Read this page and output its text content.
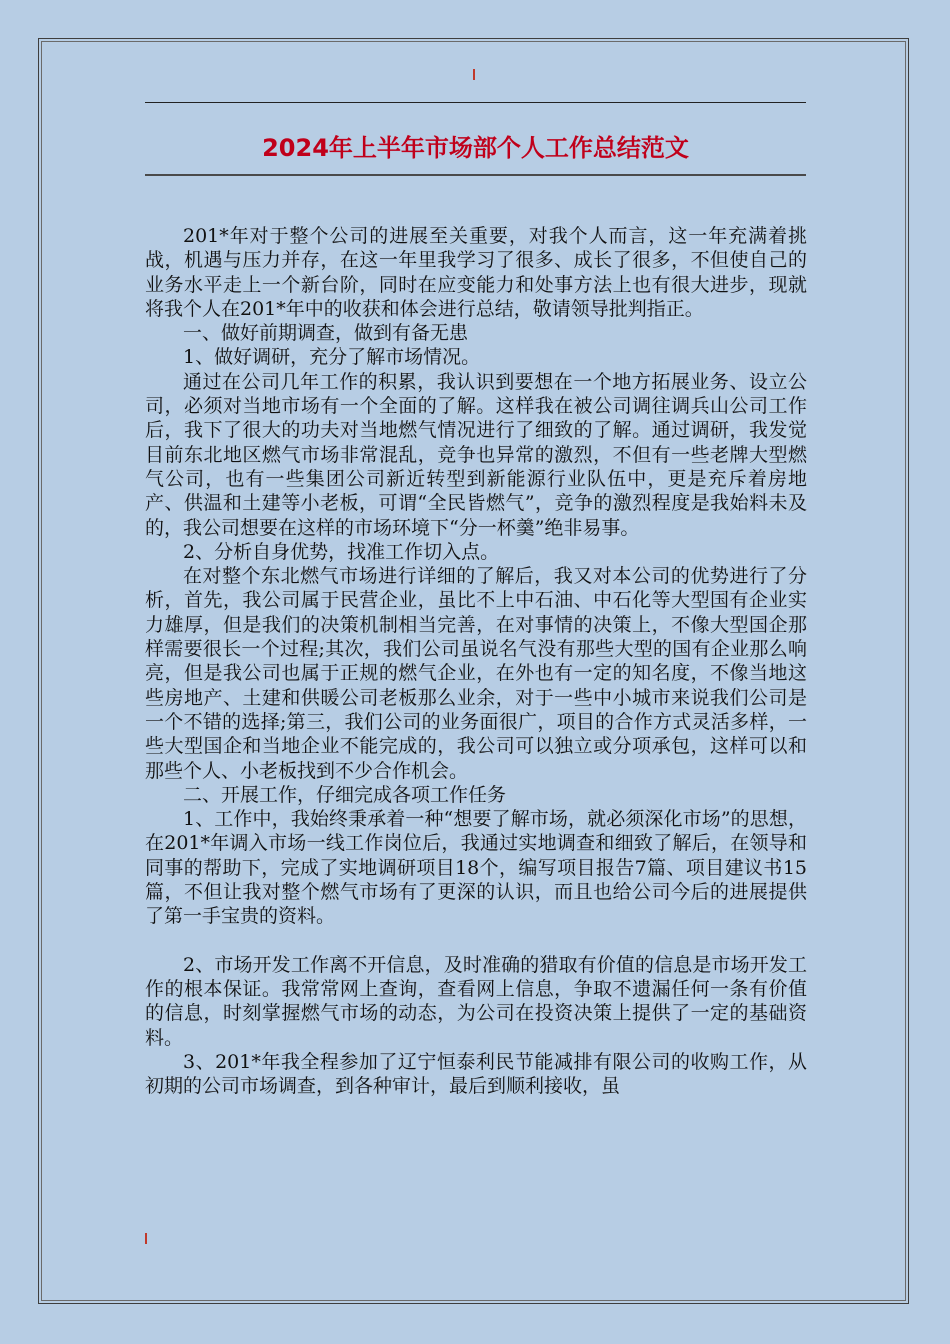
2024年上半年市场部个人工作总结范文

201*年对于整个公司的进展至关重要，对我个人而言，这一年充满着挑战，机遇与压力并存，在这一年里我学习了很多、成长了很多，不但使自己的业务水平走上一个新台阶，同时在应变能力和处事方法上也有很大进步，现就将我个人在201*年中的收获和体会进行总结，敬请领导批判指正。

一、做好前期调查，做到有备无患

1、做好调研，充分了解市场情况。

通过在公司几年工作的积累，我认识到要想在一个地方拓展业务、设立公司，必须对当地市场有一个全面的了解。这样我在被公司调往调兵山公司工作后，我下了很大的功夫对当地燃气情况进行了细致的了解。通过调研，我发觉目前东北地区燃气市场非常混乱，竞争也异常的激烈，不但有一些老牌大型燃气公司，也有一些集团公司新近转型到新能源行业队伍中，更是充斥着房地产、供温和土建等小老板，可谓“全民皆燃气”，竞争的激烈程度是我始料未及的，我公司想要在这样的市场环境下“分一杯羹”绝非易事。

2、分析自身优势，找准工作切入点。

在对整个东北燃气市场进行详细的了解后，我又对本公司的优势进行了分析，首先，我公司属于民营企业，虽比不上中石油、中石化等大型国有企业实力雄厚，但是我们的决策机制相当完善，在对事情的决策上，不像大型国企那样需要很长一个过程;其次，我们公司虽说名气没有那些大型的国有企业那么响亮，但是我公司也属于正规的燃气企业，在外也有一定的知名度，不像当地这些房地产、土建和供暖公司老板那么业余，对于一些中小城市来说我们公司是一个不错的选择;第三，我们公司的业务面很广，项目的合作方式灵活多样，一些大型国企和当地企业不能完成的，我公司可以独立或分项承包，这样可以和那些个人、小老板找到不少合作机会。

二、开展工作，仔细完成各项工作任务

1、工作中，我始终秉承着一种“想要了解市场，就必须深化市场”的思想，在201*年调入市场一线工作岗位后，我通过实地调查和细致了解后，在领导和同事的帮助下，完成了实地调研项目18个，编写项目报告7篇、项目建议书15篇，不但让我对整个燃气市场有了更深的认识，而且也给公司今后的进展提供了第一手宝贵的资料。

2、市场开发工作离不开信息，及时准确的猎取有价值的信息是市场开发工作的根本保证。我常常网上查询，查看网上信息，争取不遗漏任何一条有价值的信息，时刻掌握燃气市场的动态，为公司在投资决策上提供了一定的基础资料。

3、201*年我全程参加了辽宁恒泰利民节能减排有限公司的收购工作，从初期的公司市场调查，到各种审计，最后到顺利接收，虽
